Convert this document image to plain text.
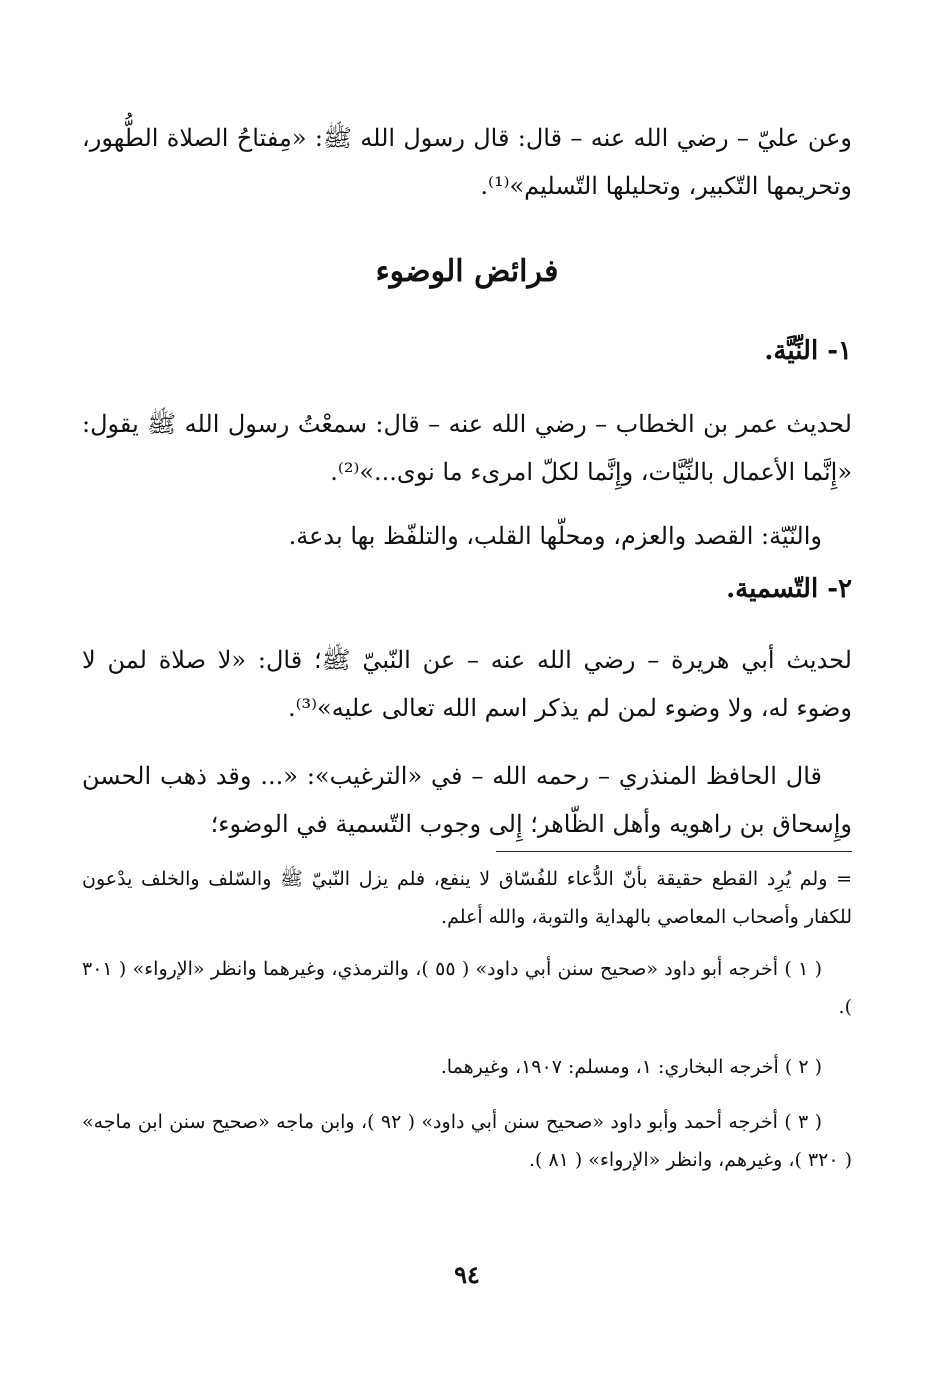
وعن عليّ – رضي الله عنه – قال: قال رسول الله ﷺ: «مِفتاحُ الصلاة الطُّهور، وتحريمها التّكبير، وتحليلها التّسليم»⁽¹⁾.

فرائض الوضوء
١- النِّيَّة.

لحديث عمر بن الخطاب – رضي الله عنه – قال: سمعْتُ رسول الله ﷺ يقول: «إِنَّما الأعمال بالنِّيَّات، وإِنَّما لكلّ امرىء ما نوى...»⁽²⁾.

والنّيّة: القصد والعزم، ومحلّها القلب، والتلفّظ بها بدعة.

٢- التّسمية.

لحديث أبي هريرة – رضي الله عنه – عن النّبيّ ﷺ؛ قال: «لا صلاة لمن لا وضوء له، ولا وضوء لمن لم يذكر اسم الله تعالى عليه»⁽³⁾.

قال الحافظ المنذري – رحمه الله – في «الترغيب»: «... وقد ذهب الحسن وإِسحاق بن راهويه وأهل الظّاهر؛ إِلى وجوب التّسمية في الوضوء؛

= ولم يُرِد القطع حقيقة بأنّ الدُّعاء للفُسّاق لا ينفع، فلم يزل النّبيّ ﷺ والسّلف والخلف يدْعون للكفار وأصحاب المعاصي بالهداية والتوبة، والله أعلم.

( ١ ) أخرجه أبو داود «صحيح سنن أبي داود» ( ٥٥ )، والترمذي، وغيرهما وانظر «الإرواء» ( ٣٠١ ).

( ٢ ) أخرجه البخاري: ١، ومسلم: ١٩٠٧، وغيرهما.

( ٣ ) أخرجه أحمد وأبو داود «صحيح سنن أبي داود» ( ٩٢ )، وابن ماجه «صحيح سنن ابن ماجه» ( ٣٢٠ )، وغيرهم، وانظر «الإرواء» ( ٨١ ).

٩٤
